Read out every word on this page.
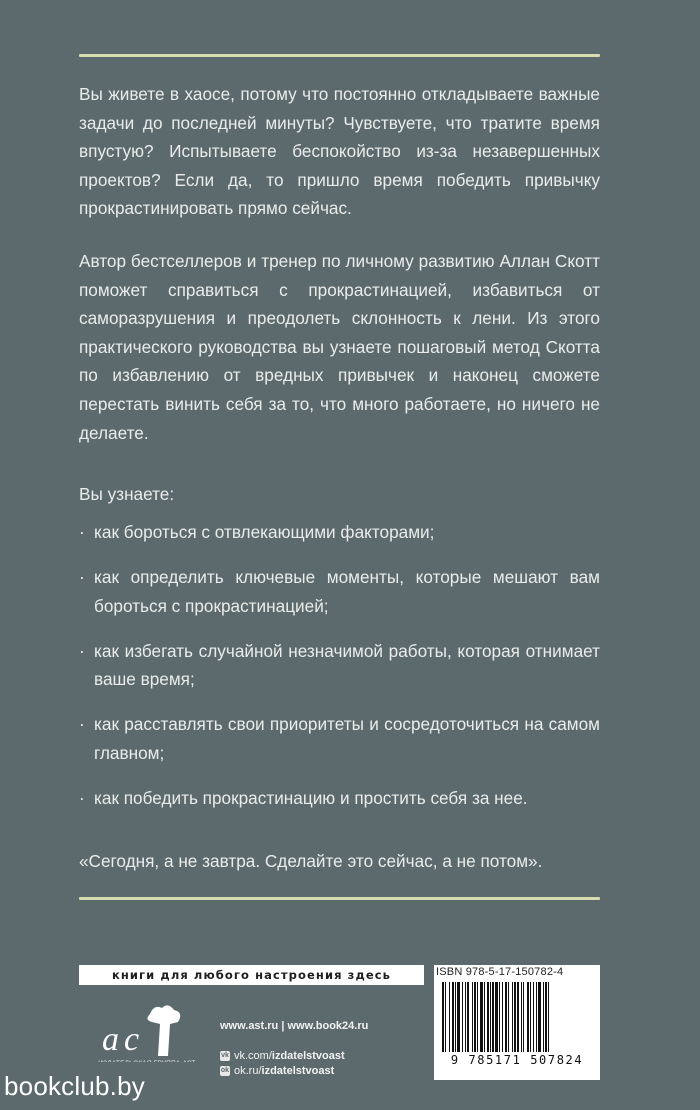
Вы живете в хаосе, потому что постоянно откладываете важные задачи до последней минуты? Чувствуете, что тратите время впустую? Испытываете беспокойство из-за незавершенных проектов? Если да, то пришло время победить привычку прокрастинировать прямо сейчас.

Автор бестселлеров и тренер по личному развитию Аллан Скотт поможет справиться с прокрастинацией, избавиться от саморазрушения и преодолеть склонность к лени. Из этого практического руководства вы узнаете пошаговый метод Скотта по избавлению от вредных привычек и наконец сможете перестать винить себя за то, что много работаете, но ничего не делаете.

Вы узнаете:

· как бороться с отвлекающими факторами;
· как определить ключевые моменты, которые мешают вам бороться с прокрастинацией;
· как избегать случайной незначимой работы, которая отнимает ваше время;
· как расставлять свои приоритеты и сосредоточиться на самом главном;
· как победить прокрастинацию и простить себя за нее.

«Сегодня, а не завтра. Сделайте это сейчас, а не потом».

книги для любого настроения здесь
a c	www.ast.ru | www.book24.ru
vk vk.com/ izdatelstvoast
ok ok.ru/ izdatelstvoast
ISBN 978-5-17-150782-4
9 785171 507824
bookclub.by
